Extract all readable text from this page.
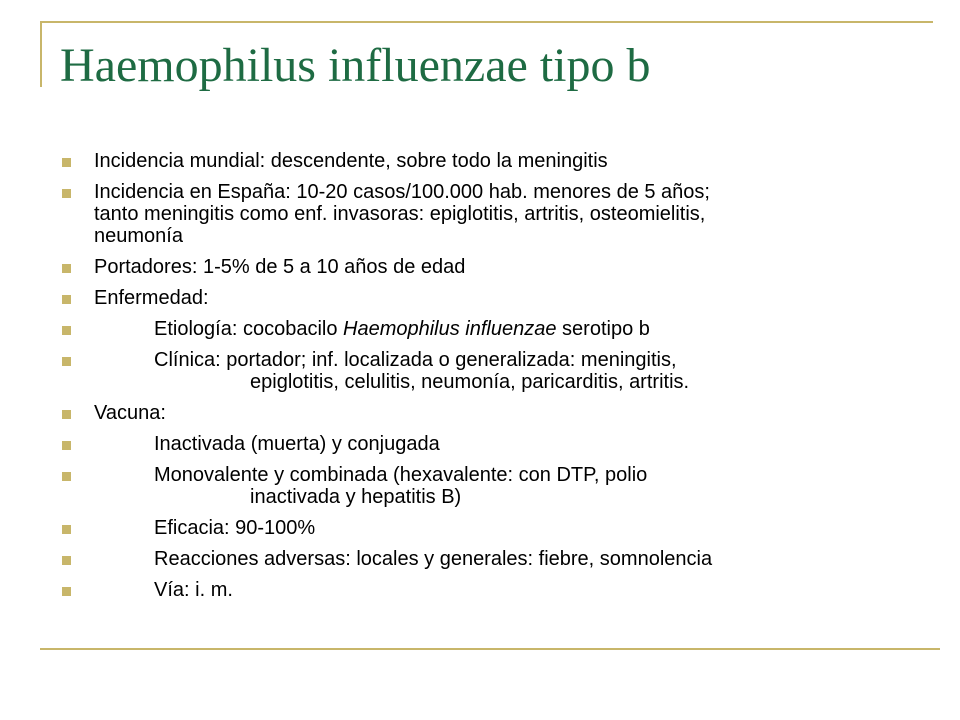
Haemophilus influenzae tipo b
Incidencia mundial: descendente, sobre todo la meningitis
Incidencia en España: 10-20 casos/100.000 hab. menores de 5 años;
tanto meningitis como enf. invasoras: epiglotitis, artritis, osteomielitis,
neumonía
Portadores: 1-5% de 5 a 10 años de edad
Enfermedad:
Etiología: cocobacilo Haemophilus influenzae serotipo b
Clínica: portador; inf. localizada o generalizada: meningitis,
epiglotitis, celulitis, neumonía, paricarditis, artritis.
Vacuna:
Inactivada (muerta) y conjugada
Monovalente y combinada (hexavalente: con DTP, polio
inactivada y hepatitis B)
Eficacia: 90-100%
Reacciones adversas: locales y generales: fiebre, somnolencia
Vía: i. m.
